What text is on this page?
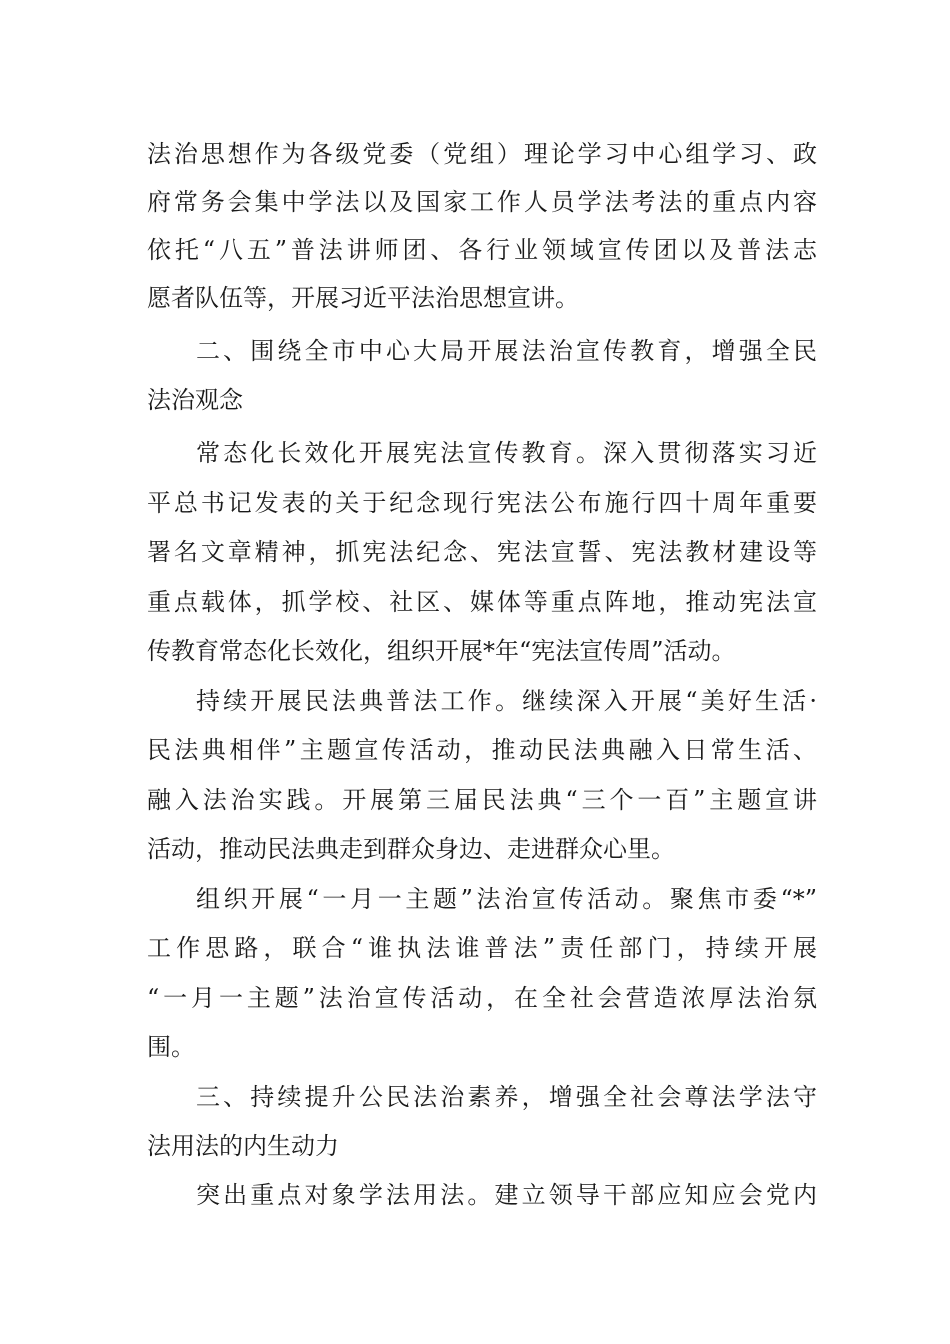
法治思想作为各级党委（党组）理论学习中心组学习、政
府常务会集中学法以及国家工作人员学法考法的重点内容
依托“八五”普法讲师团、各行业领域宣传团以及普法志
愿者队伍等，开展习近平法治思想宣讲。
二、围绕全市中心大局开展法治宣传教育，增强全民
法治观念
常态化长效化开展宪法宣传教育。深入贯彻落实习近
平总书记发表的关于纪念现行宪法公布施行四十周年重要
署名文章精神，抓宪法纪念、宪法宣誓、宪法教材建设等
重点载体，抓学校、社区、媒体等重点阵地，推动宪法宣
传教育常态化长效化，组织开展*年“宪法宣传周”活动。
持续开展民法典普法工作。继续深入开展“美好生活·
民法典相伴”主题宣传活动，推动民法典融入日常生活、
融入法治实践。开展第三届民法典“三个一百”主题宣讲
活动，推动民法典走到群众身边、走进群众心里。
组织开展“一月一主题”法治宣传活动。聚焦市委“*”
工作思路，联合“谁执法谁普法”责任部门，持续开展
“一月一主题”法治宣传活动，在全社会营造浓厚法治氛
围。
三、持续提升公民法治素养，增强全社会尊法学法守
法用法的内生动力
突出重点对象学法用法。建立领导干部应知应会党内
